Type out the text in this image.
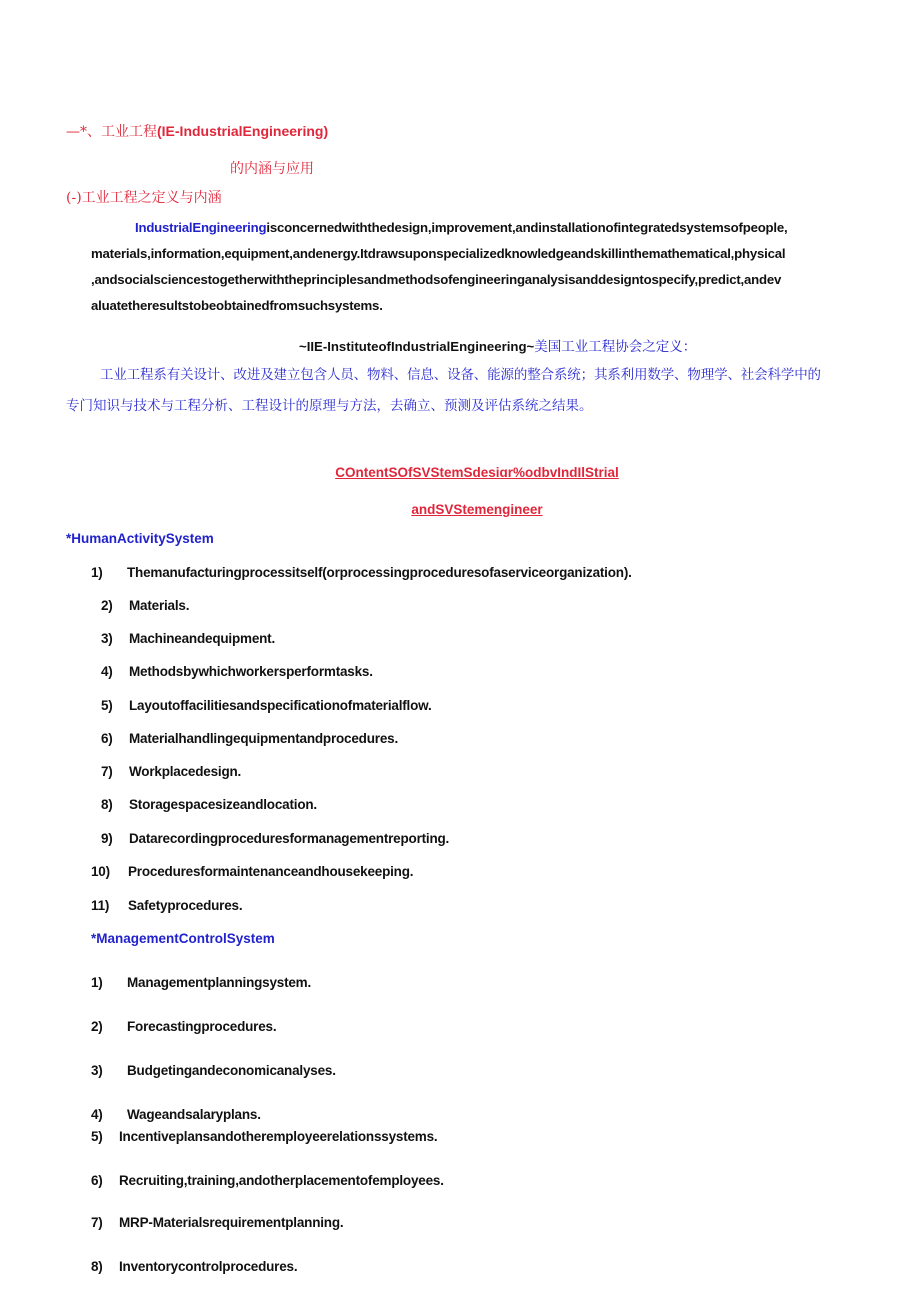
—*、工业工程(IE-IndustrialEngineering)
的内涵与应用
(-)工业工程之定义与内涵
IndustrialEngineeringisconcernedwiththedesign,improvement,andinstallationofintegratedsystemsofpeople,
materials,information,equipment,andenergy.Itdrawsuponspecializedknowledgeandskillinthemathematical,physical
,andsocialsciencestogetherwiththeprinciplesandmethodsofengineeringanalysisanddesigntospecify,predict,andev
aluatetheresultstobeobtainedfromsuchsystems.
~IIE-InstituteofIndustrialEngineering~美国工业工程协会之定义：
工业工程系有关设计、改进及建立包含人员、物料、信息、设备、能源的整合系统；其系利用数学、物理学、社会科学中的
专门知识与技术与工程分析、工程设计的原理与方法，去确立、预测及评估系统之结果。
COntentSOfSVStemSdesiɑr%odbvIndIlStrial
andSVStemengineer
*HumanActivitySystem
1) Themanufacturingprocessitself(orprocessingproceduresofaserviceorganization).
2) Materials.
3) Machineandequipment.
4) Methodsbywhichworkersperformtasks.
5) Layoutoffacilitiesandspecificationofmaterialflow.
6) Materialhandlingequipmentandprocedures.
7) Workplacedesign.
8) Storagespacesizeandlocation.
9) Datarecordingproceduresformanagementreporting.
10) Proceduresformaintenanceandhousekeeping.
11) Safetyprocedures.
*ManagementControlSystem
1) Managementplanningsystem.
2) Forecastingprocedures.
3) Budgetingandeconomicanalyses.
4) Wageandsalaryplans.
5) Incentiveplansandotheremployeerelationssystems.
6) Recruiting,training,andotherplacementofemployees.
7) MRP-Materialsrequirementplanning.
8) Inventorycontrolprocedures.
